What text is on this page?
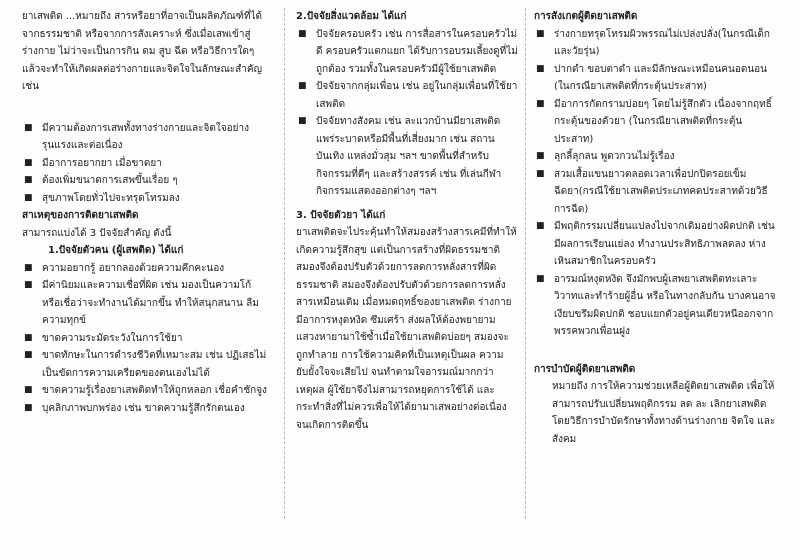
ยาเสพติด ...หมายถึง สารหรือยาที่อาจเป็นผลิตภัณฑ์ที่ได้จากธรรมชาติ หรือจากการสังเคราะห์ ซึ่งเมื่อเสพเข้าสู่ร่างกาย ไม่ว่าจะเป็นการกิน ดม สูบ ฉีด หรือวิธีการใดๆ แล้วจะทำให้เกิดผลต่อร่างกายและจิตใจในลักษณะสำคัญ เช่น

■ มีความต้องการเสพทั้งทางร่างกายและจิตใจอย่างรุนแรงและต่อเนื่อง
■ มีอาการอยากยา เมื่อขาดยา
■ ต้องเพิ่มขนาดการเสพขึ้นเรื่อย ๆ
■ สุขภาพโดยทั่วไปจะทรุดโทรมลง

สาเหตุของการติดยาเสพติด

สามารถแบ่งได้ 3 ปัจจัยสำคัญ ดังนี้

1.ปัจจัยตัวคน (ผู้เสพติด) ได้แก่

■ ความอยากรู้ อยากลองด้วยความคึกคะนอง
■ มีค่านิยมและความเชื่อที่ผิด เช่น มองเป็นความโก้ หรือเชื่อว่าจะทำงานได้มากขึ้น ทำให้สนุกสนาน ลืมความทุกข์
■ ขาดความระมัดระวังในการใช้ยา
■ ขาดทักษะในการดำรงชีวิตที่เหมาะสม เช่น ปฏิเสธไม่เป็นขัดการความเครียดของตนเองไม่ได้
■ ขาดความรู้เรื่องยาเสพติดทำให้ถูกหลอก เชื่อคำชักจูง
■ บุคลิกภาพบกพร่อง เช่น ขาดความรู้สึกรักตนเอง

2.ปัจจัยสิ่งแวดล้อม ได้แก่

■ ปัจจัยครอบครัว เช่น การสื่อสารในครอบครัวไม่ดี ครอบครัวแตกแยก ได้รับการอบรมเลี้ยงดูที่ไม่ถูกต้อง รวมทั้งในครอบครัวมีผู้ใช้ยาเสพติด
■ ปัจจัยจากกลุ่มเพื่อน เช่น อยู่ในกลุ่มเพื่อนที่ใช้ยาเสพติด
■ ปัจจัยทางสังคม เช่น ละแวกบ้านมียาเสพติดแพร่ระบาดหรือมีพื้นที่เสี่ยงมาก เช่น สถานบันเทิง แหล่งมั่วสุม ฯลฯ ขาดพื้นที่สำหรับกิจกรรมที่ดีๆ และสร้างสรรค์ เช่น ที่เล่นกีฬา กิจกรรมแสดงออกต่างๆ ฯลฯ

3. ปัจจัยตัวยา ได้แก่

ยาเสพติดจะไประคุ้นทำให้สมองสร้างสารเคมีที่ทำให้เกิดความรู้สึกสุข แต่เป็นการสร้างที่ผิดธรรมชาติสมองจึงต้องปรับตัวด้วยการลดการหลั่งสารที่ผิดธรรมชาติ สมองจึงต้องปรับตัวด้วยการลดการหลั่งสารเหมือนเดิม เมื่อหมดฤทธิ์ของยาเสพติด ร่างกายมีอาการหงุดหงิด ซึมเศร้า ส่งผลให้ต้องพยายามแสวงหายามาใช้ซ้ำเมื่อใช้ยาเสพติดบ่อยๆ สมองจะถูกทำลาย การใช้ความคิดที่เป็นเหตุเป็นผล ความยับยั้งใจจะเสียไป จนทำตามใจอารมณ์มากกว่าเหตุผล ผู้ใช้ยาจึงไม่สามารถหยุดการใช้ได้ และกระทำสิ่งที่ไม่ควรเพื่อให้ได้ยามาเสพอย่างต่อเนื่อง จนเกิดการติดขึ้น

การสังเกตผู้ติดยาเสพติด

■ ร่างกายทรุดโทรมผิวพรรณไม่เปล่งปลั่ง(ในกรณีเด็กและวัยรุ่น)
■ ปากดำ ขอบตาดำ และมีลักษณะเหมือนคนอดนอน (ในกรณียาเสพติดที่กระตุ้นประสาท)
■ มีอาการกัดกรามบ่อยๆ โดยไม่รู้สึกตัว เนื่องจากฤทธิ์กระตุ้นของตัวยา (ในกรณียาเสพติดที่กระตุ้นประสาท)
■ ลุกลี้ลุกลน พูดวกวนไม่รู้เรื่อง
■ สวมเสื้อแขนยาวตลอดเวลาเพื่อปกปิดรอยเข็มฉีดยา(กรณีใช้ยาเสพติดประเภทคดประสาทด้วยวิธีการฉีด)
■ มีพฤติกรรมเปลี่ยนแปลงไปจากเดิมอย่างผิดปกติ เช่น มีผลการเรียนแย่ลง ทำงานประสิทธิภาพลดลง ห่างเหินสมาชิกในครอบครัว
■ อารมณ์หงุดหงิด จึงมักพบผู้เสพยาเสพติดทะเลาะวิวาทและทำร้ายผู้อื่น หรือในทางกลับกัน บางคนอาจเงียบขรึมผิดปกติ ชอบแยกตัวอยู่คนเดียวหนีออกจากพรรคพวกเพื่อนฝูง

การบำบัดผู้ติดยาเสพติด

หมายถึง การให้ความช่วยเหลือผู้ติดยาเสพติด เพื่อให้สามารถปรับเปลี่ยนพฤติกรรม ลด ละ เลิกยาเสพติด โดยวิธีการบำบัดรักษาทั้งทางด้านร่างกาย จิตใจ และสังคม
